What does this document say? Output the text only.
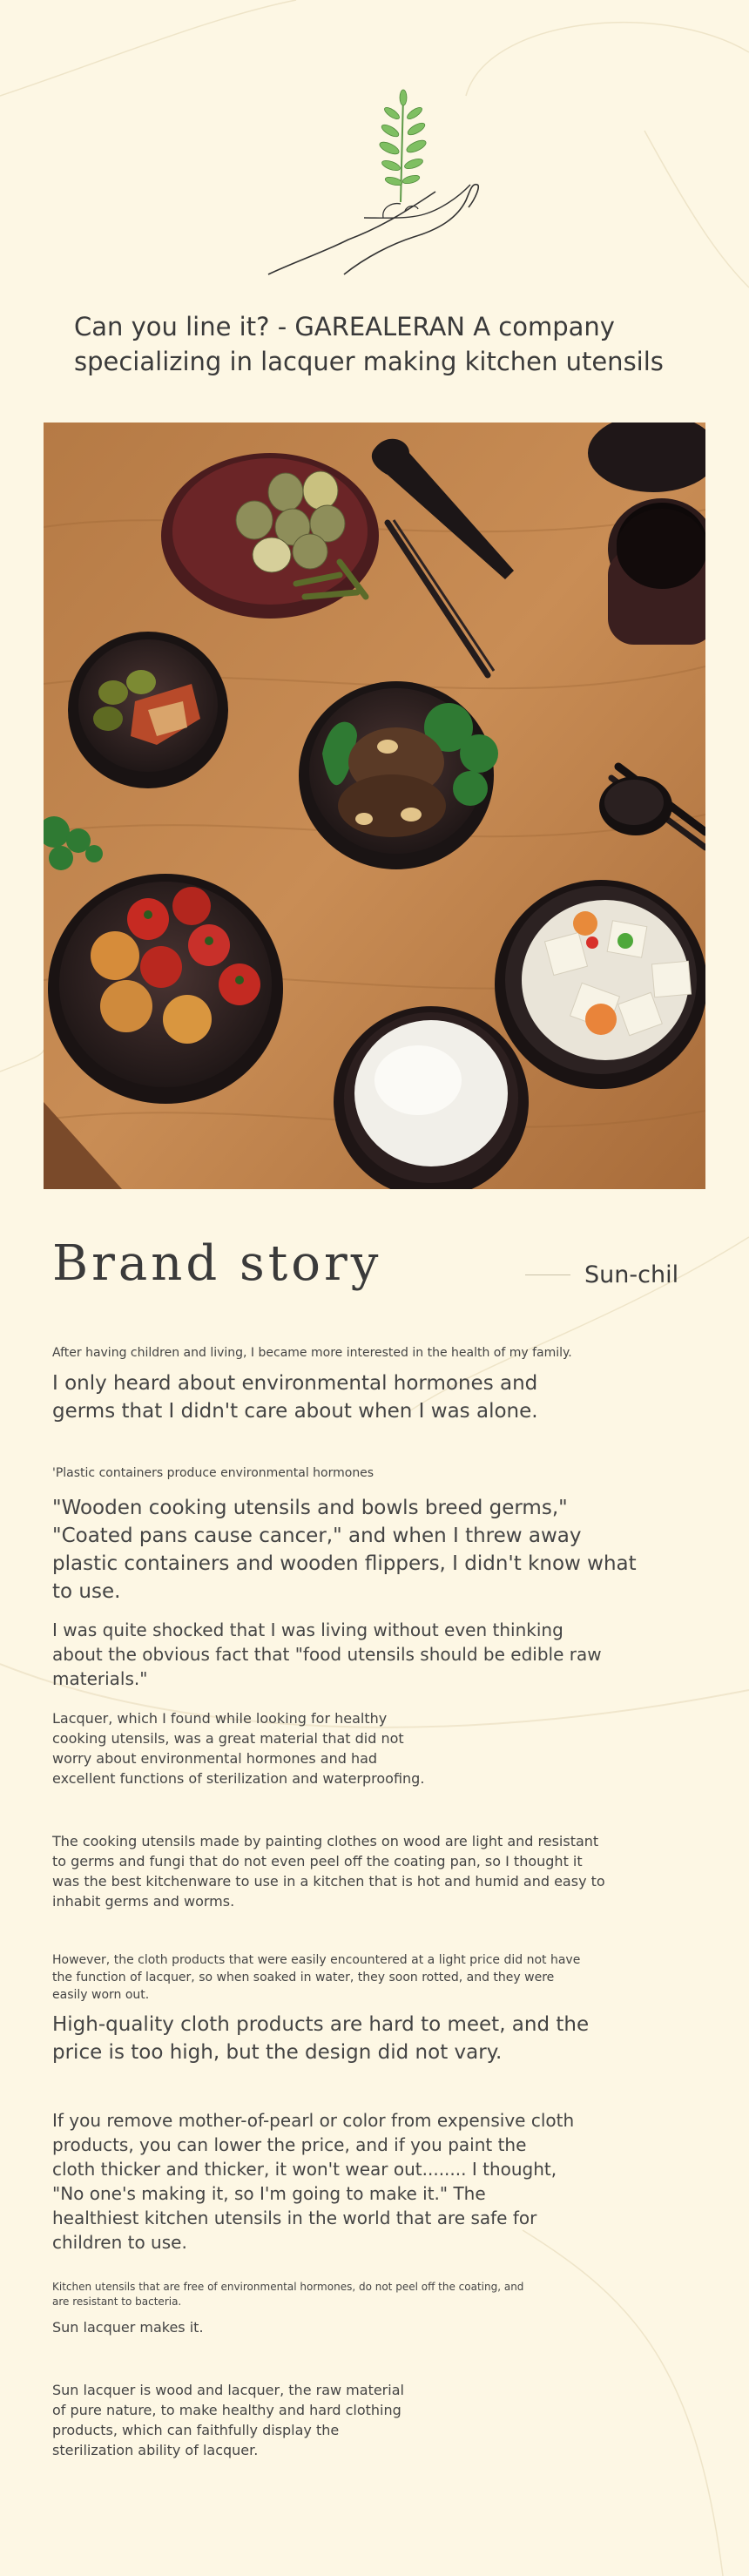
Can you line it? - GAREALERAN A company specializing in lacquer making kitchen utensils
Brand story	Sun-chil

After having children and living, I became more interested in the health of my family.

I only heard about environmental hormones and germs that I didn't care about when I was alone.

'Plastic containers produce environmental hormones

"Wooden cooking utensils and bowls breed germs," "Coated pans cause cancer," and when I threw away plastic containers and wooden flippers, I didn't know what to use.

I was quite shocked that I was living without even thinking about the obvious fact that "food utensils should be edible raw materials."

Lacquer, which I found while looking for healthy cooking utensils, was a great material that did not worry about environmental hormones and had excellent functions of sterilization and waterproofing.

The cooking utensils made by painting clothes on wood are light and resistant to germs and fungi that do not even peel off the coating pan, so I thought it was the best kitchenware to use in a kitchen that is hot and humid and easy to inhabit germs and worms.

However, the cloth products that were easily encountered at a light price did not have the function of lacquer, so when soaked in water, they soon rotted, and they were easily worn out.

High-quality cloth products are hard to meet, and the price is too high, but the design did not vary.

If you remove mother-of-pearl or color from expensive cloth products, you can lower the price, and if you paint the cloth thicker and thicker, it won't wear out........ I thought, "No one's making it, so I'm going to make it." The healthiest kitchen utensils in the world that are safe for children to use.

Kitchen utensils that are free of environmental hormones, do not peel off the coating, and are resistant to bacteria.

Sun lacquer makes it.

Sun lacquer is wood and lacquer, the raw material of pure nature, to make healthy and hard clothing products, which can faithfully display the sterilization ability of lacquer.
